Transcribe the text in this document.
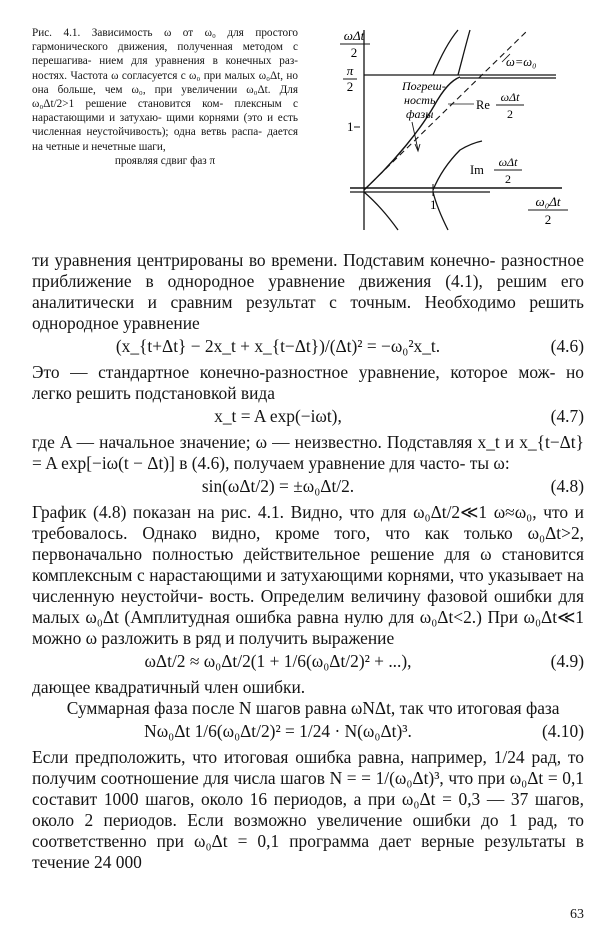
Рис. 4.1. Зависимость ω от ω₀ для простого гармонического движения, полученная методом с перешагива- нием для уравнения в конечных раз- ностях. Частота ω согласуется с ω₀ при малых ω₀Δt, но она больше, чем ω₀, при увеличении ω₀Δt. Для ω₀Δt/2>1 решение становится ком- плексным с нарастающими и затухаю- щими корнями (это и есть численная неустойчивость); одна ветвь распа- дается на четные и нечетные шаги,
проявляя сдвиг фаз π
ωΔt
2
π
2
1
1
ω=ω₀
Погреш-
ность
фазы
Re
ωΔt
2
Im
ωΔt
2
ω₀Δt
2

ти уравнения центрированы во времени. Подставим конечно- разностное приближение в однородное уравнение движения (4.1), решим его аналитически и сравним результат с точным. Необходимо решить однородное уравнение

(x_{t+Δt} − 2x_t + x_{t−Δt})/(Δt)² = −ω₀²x_t.	(4.6)

Это — стандартное конечно-разностное уравнение, которое мож- но легко решить подстановкой вида

x_t = A exp(−iωt),	(4.7)

где A — начальное значение; ω — неизвестно. Подставляя x_t и x_{t−Δt} = A exp[−iω(t − Δt)] в (4.6), получаем уравнение для часто- ты ω:

sin(ωΔt/2) = ±ω₀Δt/2.	(4.8)

График (4.8) показан на рис. 4.1. Видно, что для ω₀Δt/2≪1 ω≈ω₀, что и требовалось. Однако видно, кроме того, что как только ω₀Δt>2, первоначально полностью действительное решение для ω становится комплексным с нарастающими и затухающими корнями, что указывает на численную неустойчи- вость. Определим величину фазовой ошибки для малых ω₀Δt (Амплитудная ошибка равна нулю для ω₀Δt<2.) При ω₀Δt≪1 можно ω разложить в ряд и получить выражение

ωΔt/2 ≈ ω₀Δt/2(1 + 1/6(ω₀Δt/2)² + ...),	(4.9)

дающее квадратичный член ошибки.

Суммарная фаза после N шагов равна ωNΔt, так что итоговая фаза

Nω₀Δt 1/6(ω₀Δt/2)² = 1/24 · N(ω₀Δt)³.	(4.10)

Если предположить, что итоговая ошибка равна, например, 1/24 рад, то получим соотношение для числа шагов N = = 1/(ω₀Δt)³, что при ω₀Δt = 0,1 составит 1000 шагов, около 16 периодов, а при ω₀Δt = 0,3 — 37 шагов, около 2 периодов. Если возможно увеличение ошибки до 1 рад, то соответственно при ω₀Δt = 0,1 программа дает верные результаты в течение 24 000

63
